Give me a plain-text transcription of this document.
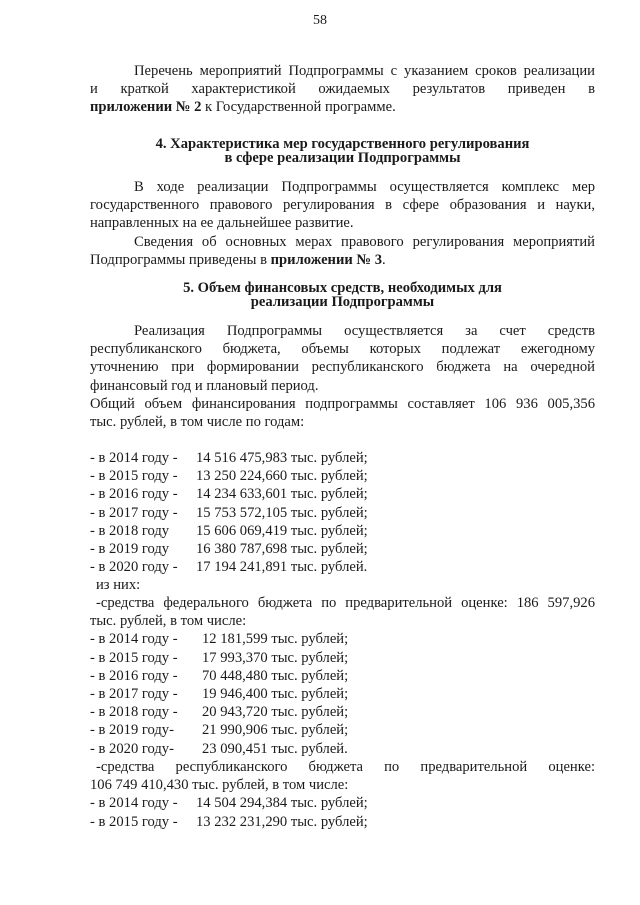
58
Перечень мероприятий Подпрограммы с указанием сроков реализации
и краткой характеристикой ожидаемых результатов приведен в
приложении № 2 к Государственной программе.
4. Характеристика мер государственного регулирования
в сфере реализации Подпрограммы
В ходе реализации Подпрограммы осуществляется комплекс мер
государственного правового регулирования в сфере образования и науки,
направленных на ее дальнейшее развитие.
Сведения об основных мерах правового регулирования мероприятий
Подпрограммы приведены в приложении № 3.
5. Объем финансовых средств, необходимых для
реализации Подпрограммы
Реализация Подпрограммы осуществляется за счет средств
республиканского бюджета, объемы которых подлежат ежегодному
уточнению при формировании республиканского бюджета на очередной
финансовый год и плановый период.
Общий объем финансирования подпрограммы составляет 106 936 005,356
тыс. рублей, в том числе по годам:
- в 2014 году - 14 516 475,983 тыс. рублей;
- в 2015 году - 13 250 224,660 тыс. рублей;
- в 2016 году - 14 234 633,601 тыс. рублей;
- в 2017 году - 15 753 572,105 тыс. рублей;
- в 2018 году 15 606 069,419 тыс. рублей;
- в 2019 году 16 380 787,698 тыс. рублей;
- в 2020 году - 17 194 241,891 тыс. рублей.
из них:
-средства федерального бюджета по предварительной оценке: 186 597,926
тыс. рублей, в том числе:
- в 2014 году - 12 181,599 тыс. рублей;
- в 2015 году - 17 993,370 тыс. рублей;
- в 2016 году - 70 448,480 тыс. рублей;
- в 2017 году - 19 946,400 тыс. рублей;
- в 2018 году - 20 943,720 тыс. рублей;
- в 2019 году- 21 990,906 тыс. рублей;
- в 2020 году- 23 090,451 тыс. рублей.
-средства республиканского бюджета по предварительной оценке:
106 749 410,430 тыс. рублей, в том числе:
- в 2014 году - 14 504 294,384 тыс. рублей;
- в 2015 году - 13 232 231,290 тыс. рублей;
